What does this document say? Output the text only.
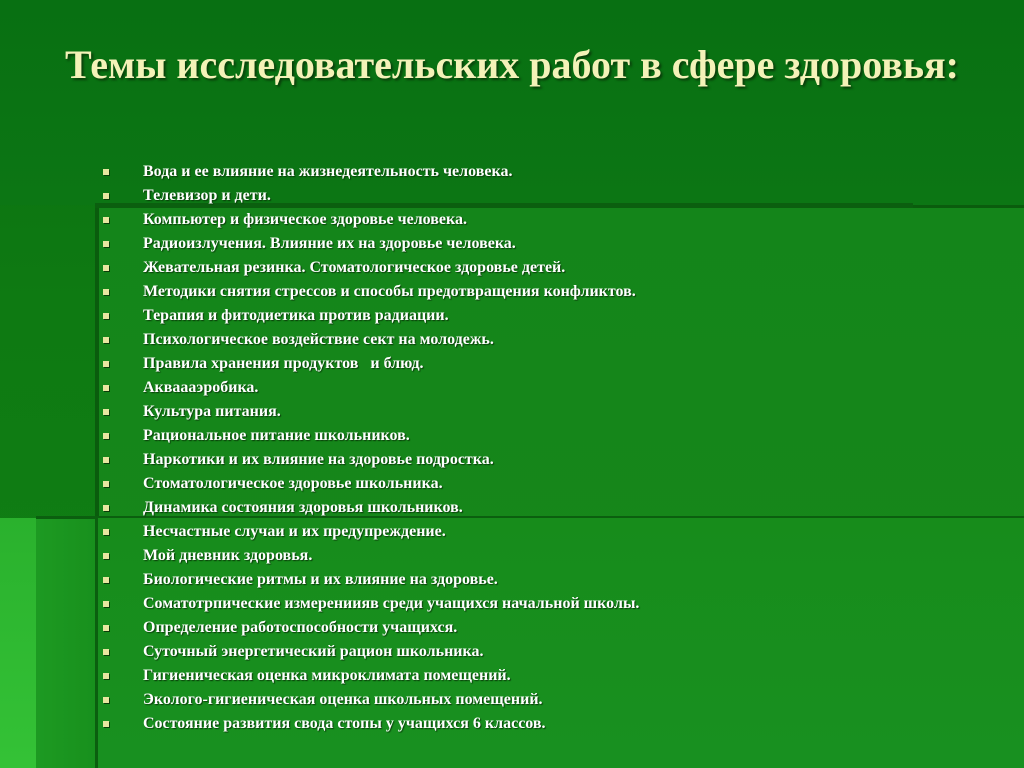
Темы исследовательских работ в сфере здоровья:
Вода и ее влияние на жизнедеятельность человека.
Телевизор и дети.
Компьютер и физическое здоровье человека.
Радиоизлучения. Влияние их на здоровье человека.
Жевательная резинка. Стоматологическое здоровье детей.
Методики снятия стрессов и способы предотвращения конфликтов.
Терапия и фитодиетика против радиации.
Психологическое воздействие сект на молодежь.
Правила хранения продуктов   и блюд.
Акваааэробика.
Культура питания.
Рациональное питание школьников.
Наркотики и их влияние на здоровье подростка.
Стоматологическое здоровье школьника.
Динамика состояния здоровья школьников.
Несчастные случаи и их предупреждение.
Мой дневник здоровья.
Биологические ритмы и их влияние на здоровье.
Соматотрпические измерениияв среди учащихся начальной школы.
Определение работоспособности учащихся.
Суточный энергетический рацион школьника.
Гигиеническая оценка микроклимата помещений.
Эколого-гигиеническая оценка школьных помещений.
Состояние развития свода стопы у учащихся 6 классов.
